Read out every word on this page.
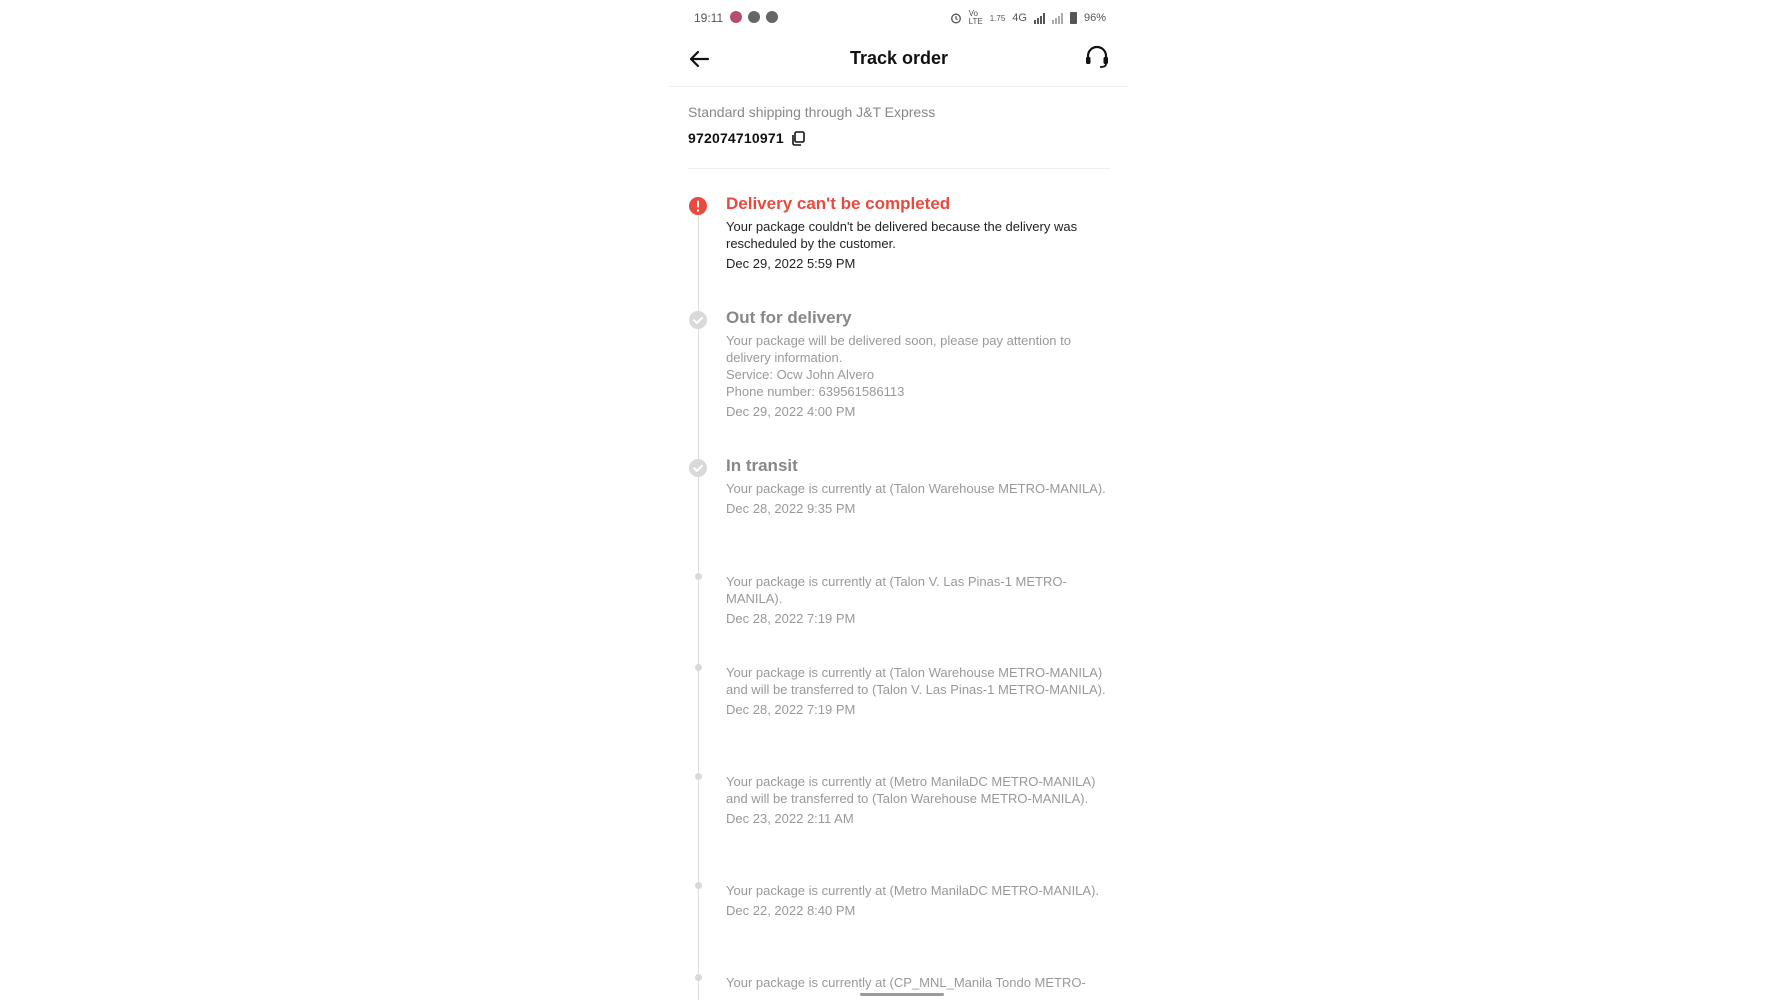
19:11	Vo
LTE 1.75 4G	96%
Track order
Standard shipping through J&T Express
972074710971
Delivery can't be completed
Your package couldn't be delivered because the delivery was rescheduled by the customer.
Dec 29, 2022 5:59 PM
Out for delivery
Your package will be delivered soon, please pay attention to delivery information.
Service: Ocw John Alvero
Phone number: 639561586113
Dec 29, 2022 4:00 PM
In transit
Your package is currently at (Talon Warehouse METRO-MANILA).
Dec 28, 2022 9:35 PM
Your package is currently at (Talon V. Las Pinas-1 METRO-MANILA).
Dec 28, 2022 7:19 PM
Your package is currently at (Talon Warehouse METRO-MANILA) and will be transferred to (Talon V. Las Pinas-1 METRO-MANILA).
Dec 28, 2022 7:19 PM
Your package is currently at (Metro ManilaDC METRO-MANILA) and will be transferred to (Talon Warehouse METRO-MANILA).
Dec 23, 2022 2:11 AM
Your package is currently at (Metro ManilaDC METRO-MANILA).
Dec 22, 2022 8:40 PM
Your package is currently at (CP_MNL_Manila Tondo METRO-
